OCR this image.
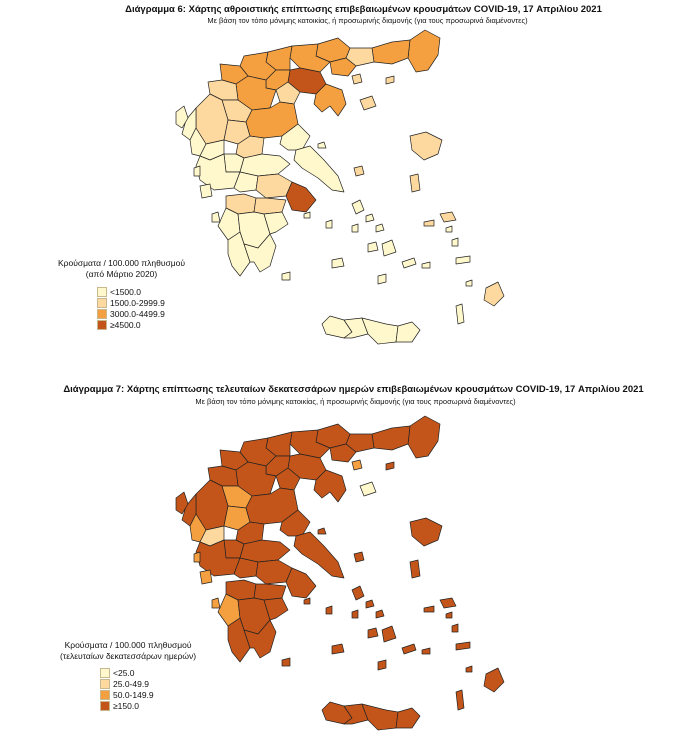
Διάγραμμα 6: Χάρτης αθροιστικής επίπτωσης επιβεβαιωμένων κρουσμάτων COVID-19, 17 Απριλίου 2021
Με βάση τον τόπο μόνιμης κατοικίας, ή προσωρινής διαμονής (για τους προσωρινά διαμένοντες)
Κρούσματα / 100.000 πληθυσμού
(από Μάρτιο 2020)
<1500.0
1500.0-2999.9
3000.0-4499.9
≥4500.0
Διάγραμμα 7: Χάρτης επίπτωσης τελευταίων δεκατεσσάρων ημερών επιβεβαιωμένων κρουσμάτων COVID-19, 17 Απριλίου 2021
Με βάση τον τόπο μόνιμης κατοικίας, ή προσωρινής διαμονής (για τους προσωρινά διαμένοντες)
Κρούσματα / 100.000 πληθυσμού
(τελευταίων δεκατεσσάρων ημερών)
<25.0
25.0-49.9
50.0-149.9
≥150.0
